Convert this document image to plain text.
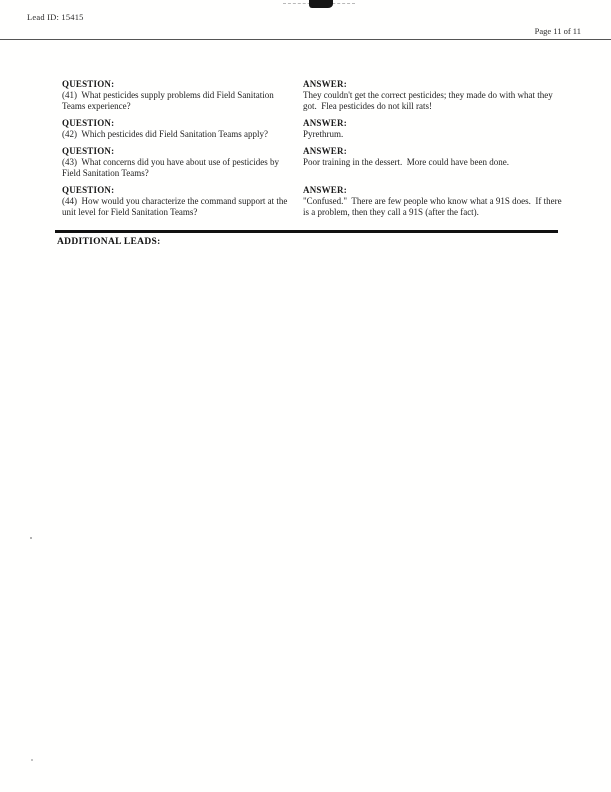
Lead ID: 15415
Page 11 of 11
QUESTION:
(41)  What pesticides supply problems did Field Sanitation Teams experience?
ANSWER:
They couldn't get the correct pesticides; they made do with what they got.  Flea pesticides do not kill rats!
QUESTION:
(42)  Which pesticides did Field Sanitation Teams apply?
ANSWER:
Pyrethrum.
QUESTION:
(43)  What concerns did you have about use of pesticides by Field Sanitation Teams?
ANSWER:
Poor training in the dessert.  More could have been done.
QUESTION:
(44)  How would you characterize the command support at the unit level for Field Sanitation Teams?
ANSWER:
"Confused."  There are few people who know what a 91S does.  If there is a problem, then they call a 91S (after the fact).
ADDITIONAL LEADS:
